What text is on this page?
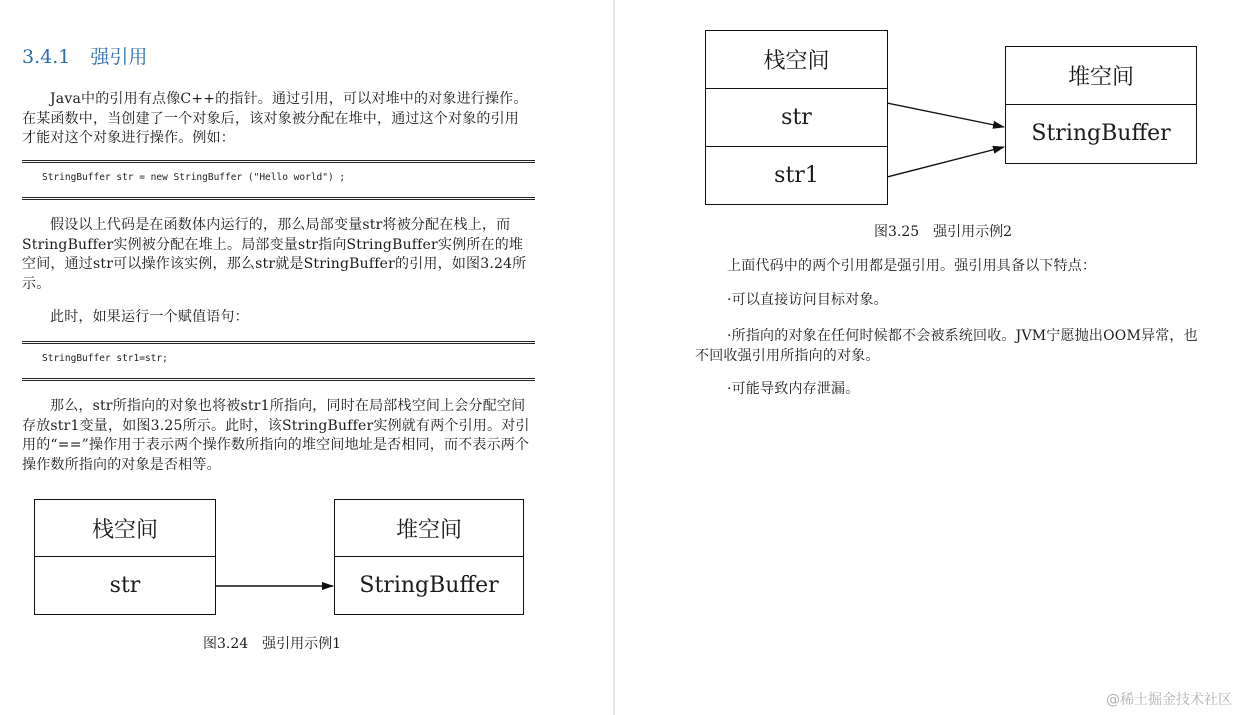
3.4.1 强引用

Java中的引用有点像C++的指针。通过引用，可以对堆中的对象进行操作。在某函数中，当创建了一个对象后，该对象被分配在堆中，通过这个对象的引用才能对这个对象进行操作。例如：

StringBuffer str = new StringBuffer ("Hello world") ;

假设以上代码是在函数体内运行的，那么局部变量str将被分配在栈上，而StringBuffer实例被分配在堆上。局部变量str指向StringBuffer实例所在的堆空间，通过str可以操作该实例，那么str就是StringBuffer的引用，如图3.24所示。

此时，如果运行一个赋值语句：

StringBuffer str1=str;

那么，str所指向的对象也将被str1所指向，同时在局部栈空间上会分配空间存放str1变量，如图3.25所示。此时，该StringBuffer实例就有两个引用。对引用的“==”操作用于表示两个操作数所指向的堆空间地址是否相同，而不表示两个操作数所指向的对象是否相等。

栈空间
str
堆空间
StringBuffer
图3.24 强引用示例1
栈空间
str
str1
堆空间
StringBuffer
图3.25 强引用示例2

上面代码中的两个引用都是强引用。强引用具备以下特点：

·可以直接访问目标对象。

·所指向的对象在任何时候都不会被系统回收。JVM宁愿抛出OOM异常，也不回收强引用所指向的对象。

·可能导致内存泄漏。

@稀土掘金技术社区
